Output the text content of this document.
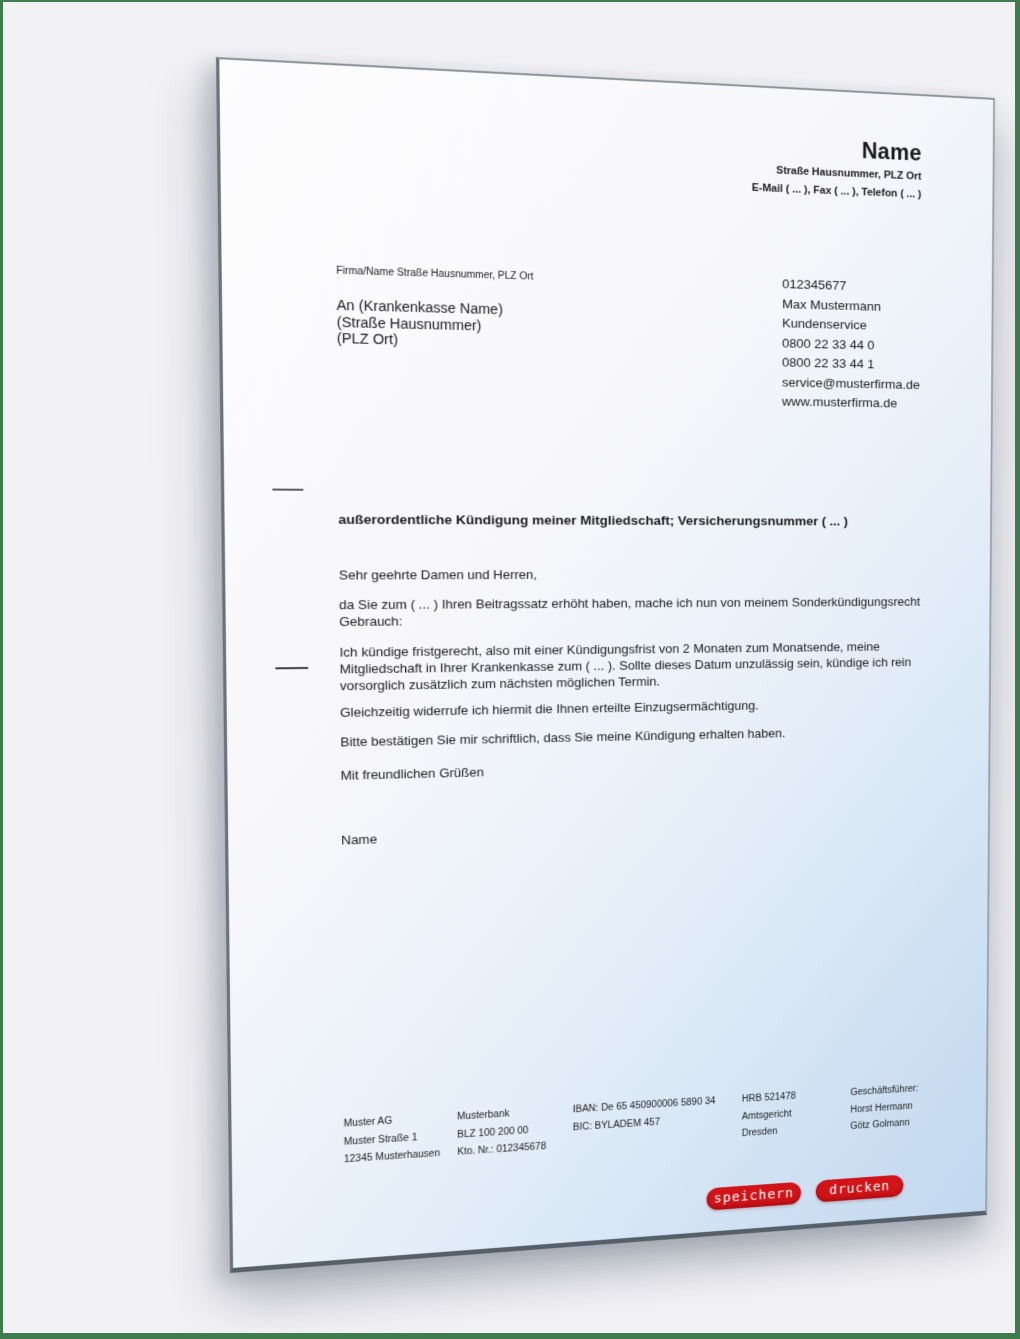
Name
Straße Hausnummer, PLZ Ort
E-Mail ( ... ), Fax ( ... ), Telefon ( ... )
Firma/Name Straße Hausnummer, PLZ Ort
An (Krankenkasse Name)
(Straße Hausnummer)
(PLZ Ort)
012345677
Max Mustermann
Kundenservice
0800 22 33 44 0
0800 22 33 44 1
service@musterfirma.de
www.musterfirma.de
außerordentliche Kündigung meiner Mitgliedschaft; Versicherungsnummer ( ... )

Sehr geehrte Damen und Herren,

da Sie zum ( ... ) Ihren Beitragssatz erhöht haben, mache ich nun von meinem Sonderkündigungsrecht
Gebrauch:

Ich kündige fristgerecht, also mit einer Kündigungsfrist von 2 Monaten zum Monatsende, meine
Mitgliedschaft in Ihrer Krankenkasse zum ( ... ). Sollte dieses Datum unzulässig sein, kündige ich rein
vorsorglich zusätzlich zum nächsten möglichen Termin.

Gleichzeitig widerrufe ich hiermit die Ihnen erteilte Einzugsermächtigung.

Bitte bestätigen Sie mir schriftlich, dass Sie meine Kündigung erhalten haben.

Mit freundlichen Grüßen

Name

Muster AG
Muster Straße 1
12345 Musterhausen
Musterbank
BLZ 100 200 00
Kto. Nr.: 012345678
IBAN: De 65 450900006 5890 34
BIC: BYLADEM 457
HRB 521478
Amtsgericht
Dresden
Geschäftsführer:
Horst Hermann
Götz Golmann
speichern	drucken
